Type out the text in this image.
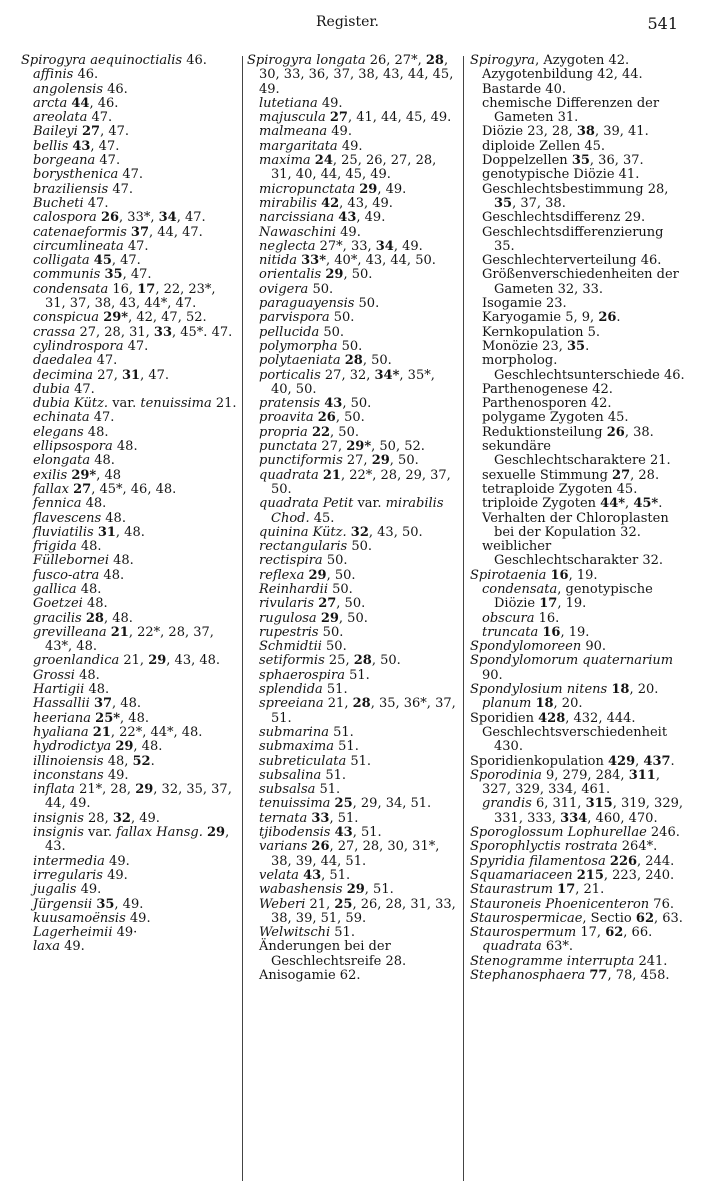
Register.	541

Spirogyra aequinoctialis 46.

affinis 46.

angolensis 46.

arcta 44, 46.

areolata 47.

Baileyi 27, 47.

bellis 43, 47.

borgeana 47.

borysthenica 47.

braziliensis 47.

Bucheti 47.

calospora 26, 33*, 34, 47.

catenaeformis 37, 44, 47.

circumlineata 47.

colligata 45, 47.

communis 35, 47.

condensata 16, 17, 22, 23*, 31, 37, 38, 43, 44*, 47.

conspicua 29*, 42, 47, 52.

crassa 27, 28, 31, 33, 45*. 47.

cylindrospora 47.

daedalea 47.

decimina 27, 31, 47.

dubia 47.

dubia Kütz. var. tenuissima 21.

echinata 47.

elegans 48.

ellipsospora 48.

elongata 48.

exilis 29*, 48

fallax 27, 45*, 46, 48.

fennica 48.

flavescens 48.

fluviatilis 31, 48.

frigida 48.

Füllebornei 48.

fusco-atra 48.

gallica 48.

Goetzei 48.

gracilis 28, 48.

grevilleana 21, 22*, 28, 37, 43*, 48.

groenlandica 21, 29, 43, 48.

Grossi 48.

Hartigii 48.

Hassallii 37, 48.

heeriana 25*, 48.

hyaliana 21, 22*, 44*, 48.

hydrodictya 29, 48.

illinoiensis 48, 52.

inconstans 49.

inflata 21*, 28, 29, 32, 35, 37, 44, 49.

insignis 28, 32, 49.

insignis var. fallax Hansg. 29, 43.

intermedia 49.

irregularis 49.

jugalis 49.

Jürgensii 35, 49.

kuusamoënsis 49.

Lagerheimii 49·

laxa 49.

Spirogyra longata 26, 27*, 28, 30, 33, 36, 37, 38, 43, 44, 45, 49.

lutetiana 49.

majuscula 27, 41, 44, 45, 49.

malmeana 49.

margaritata 49.

maxima 24, 25, 26, 27, 28, 31, 40, 44, 45, 49.

micropunctata 29, 49.

mirabilis 42, 43, 49.

narcissiana 43, 49.

Nawaschini 49.

neglecta 27*, 33, 34, 49.

nitida 33*, 40*, 43, 44, 50.

orientalis 29, 50.

ovigera 50.

paraguayensis 50.

parvispora 50.

pellucida 50.

polymorpha 50.

polytaeniata 28, 50.

porticalis 27, 32, 34*, 35*, 40, 50.

pratensis 43, 50.

proavita 26, 50.

propria 22, 50.

punctata 27, 29*, 50, 52.

punctiformis 27, 29, 50.

quadrata 21, 22*, 28, 29, 37, 50.

quadrata Petit var. mirabilis Chod. 45.

quinina Kütz. 32, 43, 50.

rectangularis 50.

rectispira 50.

reflexa 29, 50.

Reinhardii 50.

rivularis 27, 50.

rugulosa 29, 50.

rupestris 50.

Schmidtii 50.

setiformis 25, 28, 50.

sphaerospira 51.

splendida 51.

spreeiana 21, 28, 35, 36*, 37, 51.

submarina 51.

submaxima 51.

subreticulata 51.

subsalina 51.

subsalsa 51.

tenuissima 25, 29, 34, 51.

ternata 33, 51.

tjibodensis 43, 51.

varians 26, 27, 28, 30, 31*, 38, 39, 44, 51.

velata 43, 51.

wabashensis 29, 51.

Weberi 21, 25, 26, 28, 31, 33, 38, 39, 51, 59.

Welwitschi 51.

Änderungen bei der Geschlechtsreife 28.

Anisogamie 62.

Spirogyra, Azygoten 42.

Azygotenbildung 42, 44.

Bastarde 40.

chemische Differenzen der Gameten 31.

Diözie 23, 28, 38, 39, 41.

diploide Zellen 45.

Doppelzellen 35, 36, 37.

genotypische Diözie 41.

Geschlechtsbestimmung 28, 35, 37, 38.

Geschlechtsdifferenz 29.

Geschlechtsdifferenzierung 35.

Geschlechterverteilung 46.

Größenverschiedenheiten der Gameten 32, 33.

Isogamie 23.

Karyogamie 5, 9, 26.

Kernkopulation 5.

Monözie 23, 35.

morpholog. Geschlechtsunterschiede 46.

Parthenogenese 42.

Parthenosporen 42.

polygame Zygoten 45.

Reduktionsteilung 26, 38.

sekundäre Geschlechtscharaktere 21.

sexuelle Stimmung 27, 28.

tetraploide Zygoten 45.

triploide Zygoten 44*, 45*.

Verhalten der Chloroplasten bei der Kopulation 32.

weiblicher Geschlechtscharakter 32.

Spirotaenia 16, 19.

condensata, genotypische Diözie 17, 19.

obscura 16.

truncata 16, 19.

Spondylomoreen 90.

Spondylomorum quaternarium 90.

Spondylosium nitens 18, 20.

planum 18, 20.

Sporidien 428, 432, 444.

Geschlechtsverschiedenheit 430.

Sporidienkopulation 429, 437.

Sporodinia 9, 279, 284, 311, 327, 329, 334, 461.

grandis 6, 311, 315, 319, 329, 331, 333, 334, 460, 470.

Sporoglossum Lophurellae 246.

Sporophlyctis rostrata 264*.

Spyridia filamentosa 226, 244.

Squamariaceen 215, 223, 240.

Staurastrum 17, 21.

Stauroneis Phoenicenteron 76.

Staurospermicae, Sectio 62, 63.

Staurospermum 17, 62, 66.

quadrata 63*.

Stenogramme interrupta 241.

Stephanosphaera 77, 78, 458.
